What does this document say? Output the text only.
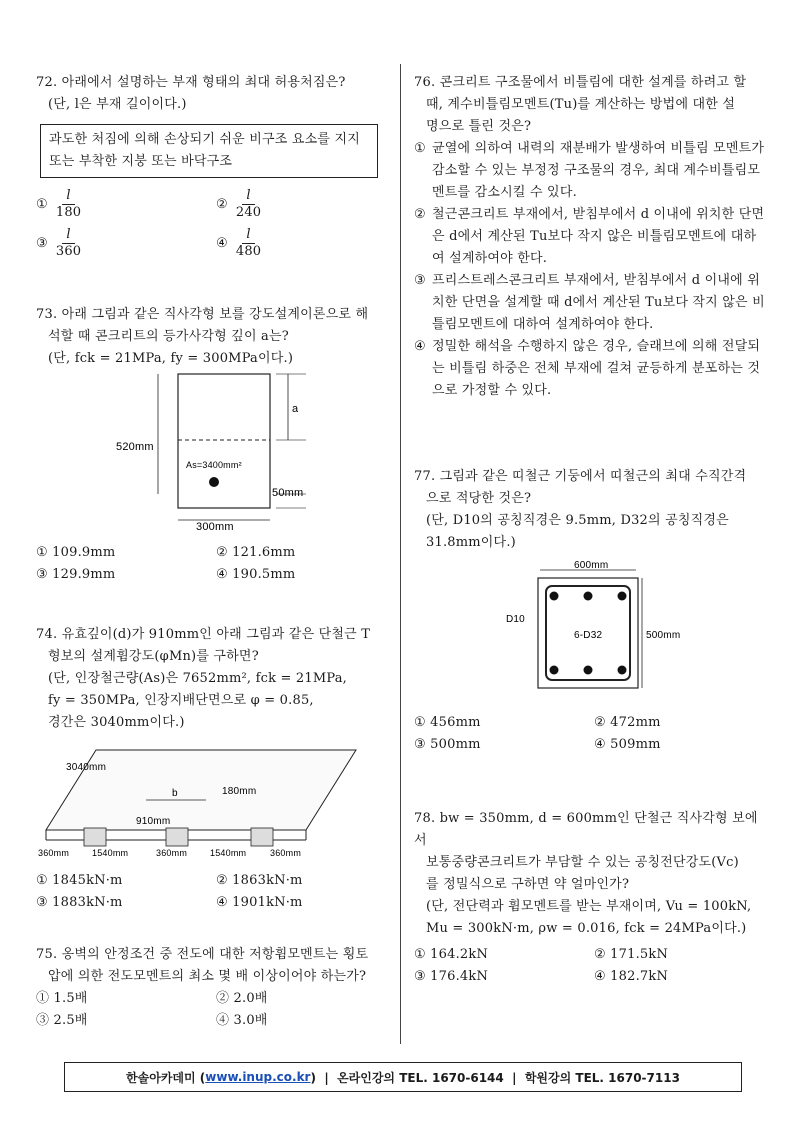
72. 아래에서 설명하는 부재 형태의 최대 허용처짐은?

(단, l은 부재 길이이다.)

과도한 처짐에 의해 손상되기 쉬운 비구조 요소를 지지 또는 부착한 지붕 또는 바닥구조
① $\frac{l}{180}$	② $\frac{l}{240}$
③ $\frac{l}{360}$	④ $\frac{l}{480}$

73. 아래 그림과 같은 직사각형 보를 강도설계이론으로 해

석할 때 콘크리트의 등가사각형 깊이 a는?

(단, fck = 21MPa, fy = 300MPa이다.)

a
520mm
As=3400mm²
50mm
300mm
① 109.9mm	② 121.6mm
③ 129.9mm	④ 190.5mm

74. 유효깊이(d)가 910mm인 아래 그림과 같은 단철근 T

형보의 설계휨강도(φMn)를 구하면?

(단, 인장철근량(As)은 7652mm², fck = 21MPa,

fy = 350MPa, 인장지배단면으로 φ = 0.85,

경간은 3040mm이다.)

3040mm
b	180mm
910mm
360mm	1540mm	360mm	1540mm	360mm
① 1845kN·m	② 1863kN·m
③ 1883kN·m	④ 1901kN·m

75. 옹벽의 안정조건 중 전도에 대한 저항휨모멘트는 횡토

압에 의한 전도모멘트의 최소 몇 배 이상이어야 하는가?

① 1.5배	② 2.0배
③ 2.5배	④ 3.0배

76. 콘크리트 구조물에서 비틀림에 대한 설계를 하려고 할

때, 계수비틀림모멘트(Tu)를 계산하는 방법에 대한 설

명으로 틀린 것은?

① 균열에 의하여 내력의 재분배가 발생하여 비틀림 모멘트가 감소할 수 있는 부정정 구조물의 경우, 최대 계수비틀림모멘트를 감소시킬 수 있다.
② 철근콘크리트 부재에서, 받침부에서 d 이내에 위치한 단면은 d에서 계산된 Tu보다 작지 않은 비틀림모멘트에 대하여 설계하여야 한다.
③ 프리스트레스콘크리트 부재에서, 받침부에서 d 이내에 위치한 단면을 설계할 때 d에서 계산된 Tu보다 작지 않은 비틀림모멘트에 대하여 설계하여야 한다.
④ 정밀한 해석을 수행하지 않은 경우, 슬래브에 의해 전달되는 비틀림 하중은 전체 부재에 걸쳐 균등하게 분포하는 것으로 가정할 수 있다.

77. 그림과 같은 띠철근 기둥에서 띠철근의 최대 수직간격

으로 적당한 것은?

(단, D10의 공칭직경은 9.5mm, D32의 공칭직경은

31.8mm이다.)

600mm
D10
6-D32	500mm
① 456mm	② 472mm
③ 500mm	④ 509mm

78. bw = 350mm, d = 600mm인 단철근 직사각형 보에서

보통중량콘크리트가 부담할 수 있는 공칭전단강도(Vc)

를 정밀식으로 구하면 약 얼마인가?

(단, 전단력과 휨모멘트를 받는 부재이며, Vu = 100kN,

Mu = 300kN·m, ρw = 0.016, fck = 24MPa이다.)

① 164.2kN	② 171.5kN
③ 176.4kN	④ 182.7kN
한솔아카데미 ( www.inup.co.kr )  |  온라인강의 TEL. 1670-6144  |  학원강의 TEL. 1670-7113
